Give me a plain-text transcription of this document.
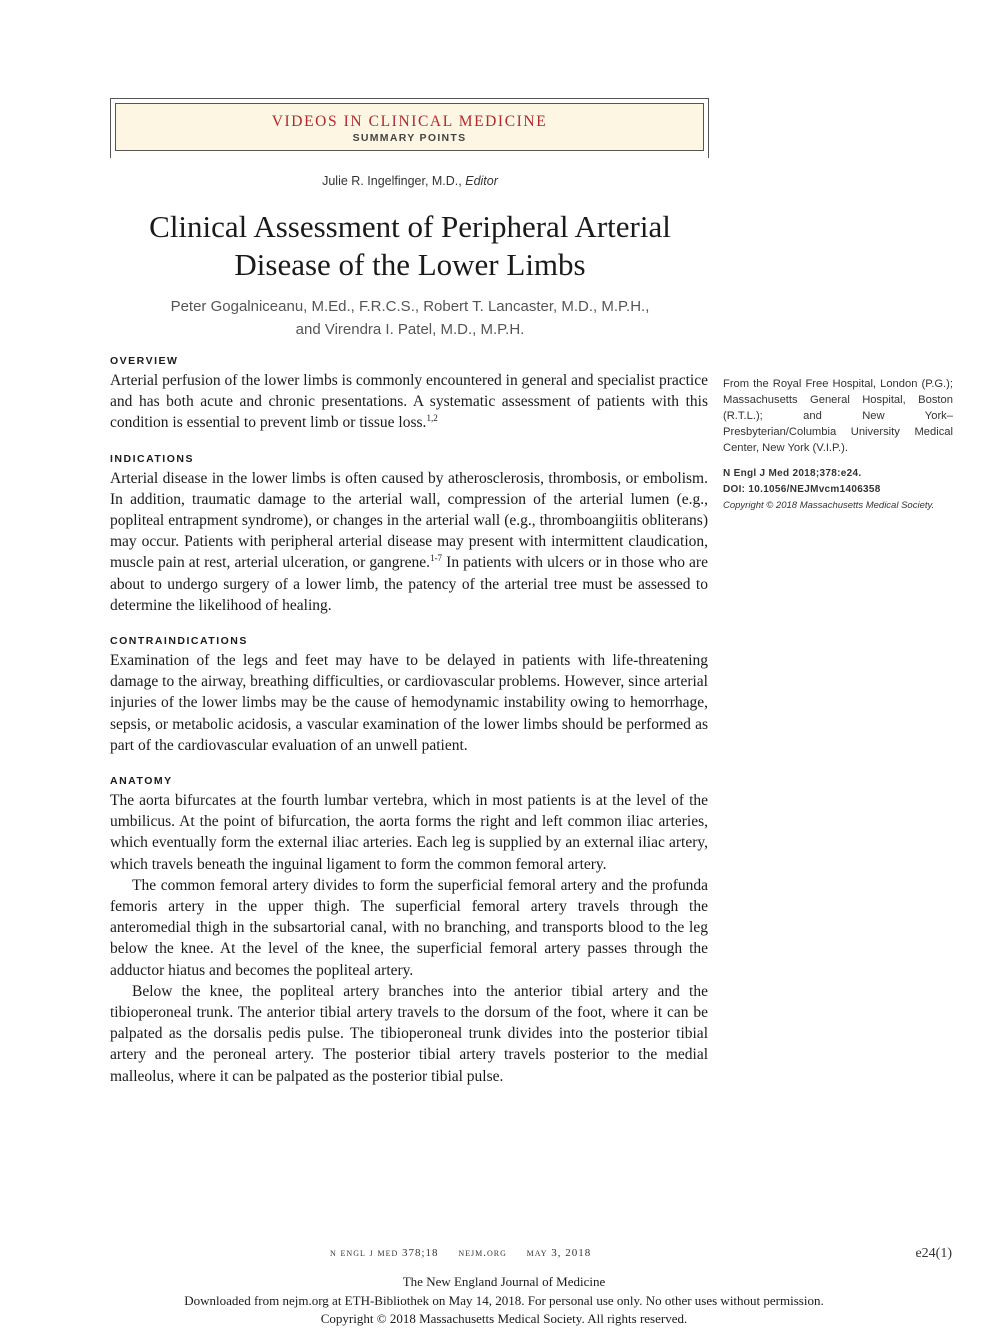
VIDEOS IN CLINICAL MEDICINE
SUMMARY POINTS
Julie R. Ingelfinger, M.D., Editor
Clinical Assessment of Peripheral Arterial
Disease of the Lower Limbs
Peter Gogalniceanu, M.Ed., F.R.C.S., Robert T. Lancaster, M.D., M.P.H.,
and Virendra I. Patel, M.D., M.P.H.
OVERVIEW

Arterial perfusion of the lower limbs is commonly encountered in general and specialist practice and has both acute and chronic presentations. A systematic assessment of patients with this condition is essential to prevent limb or tissue loss.$^{1,2}$

INDICATIONS

Arterial disease in the lower limbs is often caused by atherosclerosis, thrombosis, or embolism. In addition, traumatic damage to the arterial wall, compression of the arterial lumen (e.g., popliteal entrapment syndrome), or changes in the arterial wall (e.g., thromboangiitis obliterans) may occur. Patients with peripheral arterial disease may present with intermittent claudication, muscle pain at rest, arterial ulceration, or gangrene.$^{1-7}$ In patients with ulcers or in those who are about to undergo surgery of a lower limb, the patency of the arterial tree must be assessed to determine the likelihood of healing.

CONTRAINDICATIONS

Examination of the legs and feet may have to be delayed in patients with life-threatening damage to the airway, breathing difficulties, or cardiovascular problems. However, since arterial injuries of the lower limbs may be the cause of hemodynamic instability owing to hemorrhage, sepsis, or metabolic acidosis, a vascular examination of the lower limbs should be performed as part of the cardiovascular evaluation of an unwell patient.

ANATOMY

The aorta bifurcates at the fourth lumbar vertebra, which in most patients is at the level of the umbilicus. At the point of bifurcation, the aorta forms the right and left common iliac arteries, which eventually form the external iliac arteries. Each leg is supplied by an external iliac artery, which travels beneath the inguinal ligament to form the common femoral artery.

The common femoral artery divides to form the superficial femoral artery and the profunda femoris artery in the upper thigh. The superficial femoral artery travels through the anteromedial thigh in the subsartorial canal, with no branching, and transports blood to the leg below the knee. At the level of the knee, the superficial femoral artery passes through the adductor hiatus and becomes the popliteal artery.

Below the knee, the popliteal artery branches into the anterior tibial artery and the tibioperoneal trunk. The anterior tibial artery travels to the dorsum of the foot, where it can be palpated as the dorsalis pedis pulse. The tibioperoneal trunk divides into the posterior tibial artery and the peroneal artery. The posterior tibial artery travels posterior to the medial malleolus, where it can be palpated as the posterior tibial pulse.

From the Royal Free Hospital, London (P.G.); Massachusetts General Hospital, Boston (R.T.L.); and New York–Presbyterian/Columbia University Medical Center, New York (V.I.P.).

N Engl J Med 2018;378:e24.

DOI: 10.1056/NEJMvcm1406358

Copyright © 2018 Massachusetts Medical Society.

n engl j med 378;18 nejm.org may 3, 2018	e24(1)
The New England Journal of Medicine
Downloaded from nejm.org at ETH-Bibliothek on May 14, 2018. For personal use only. No other uses without permission.
Copyright © 2018 Massachusetts Medical Society. All rights reserved.
